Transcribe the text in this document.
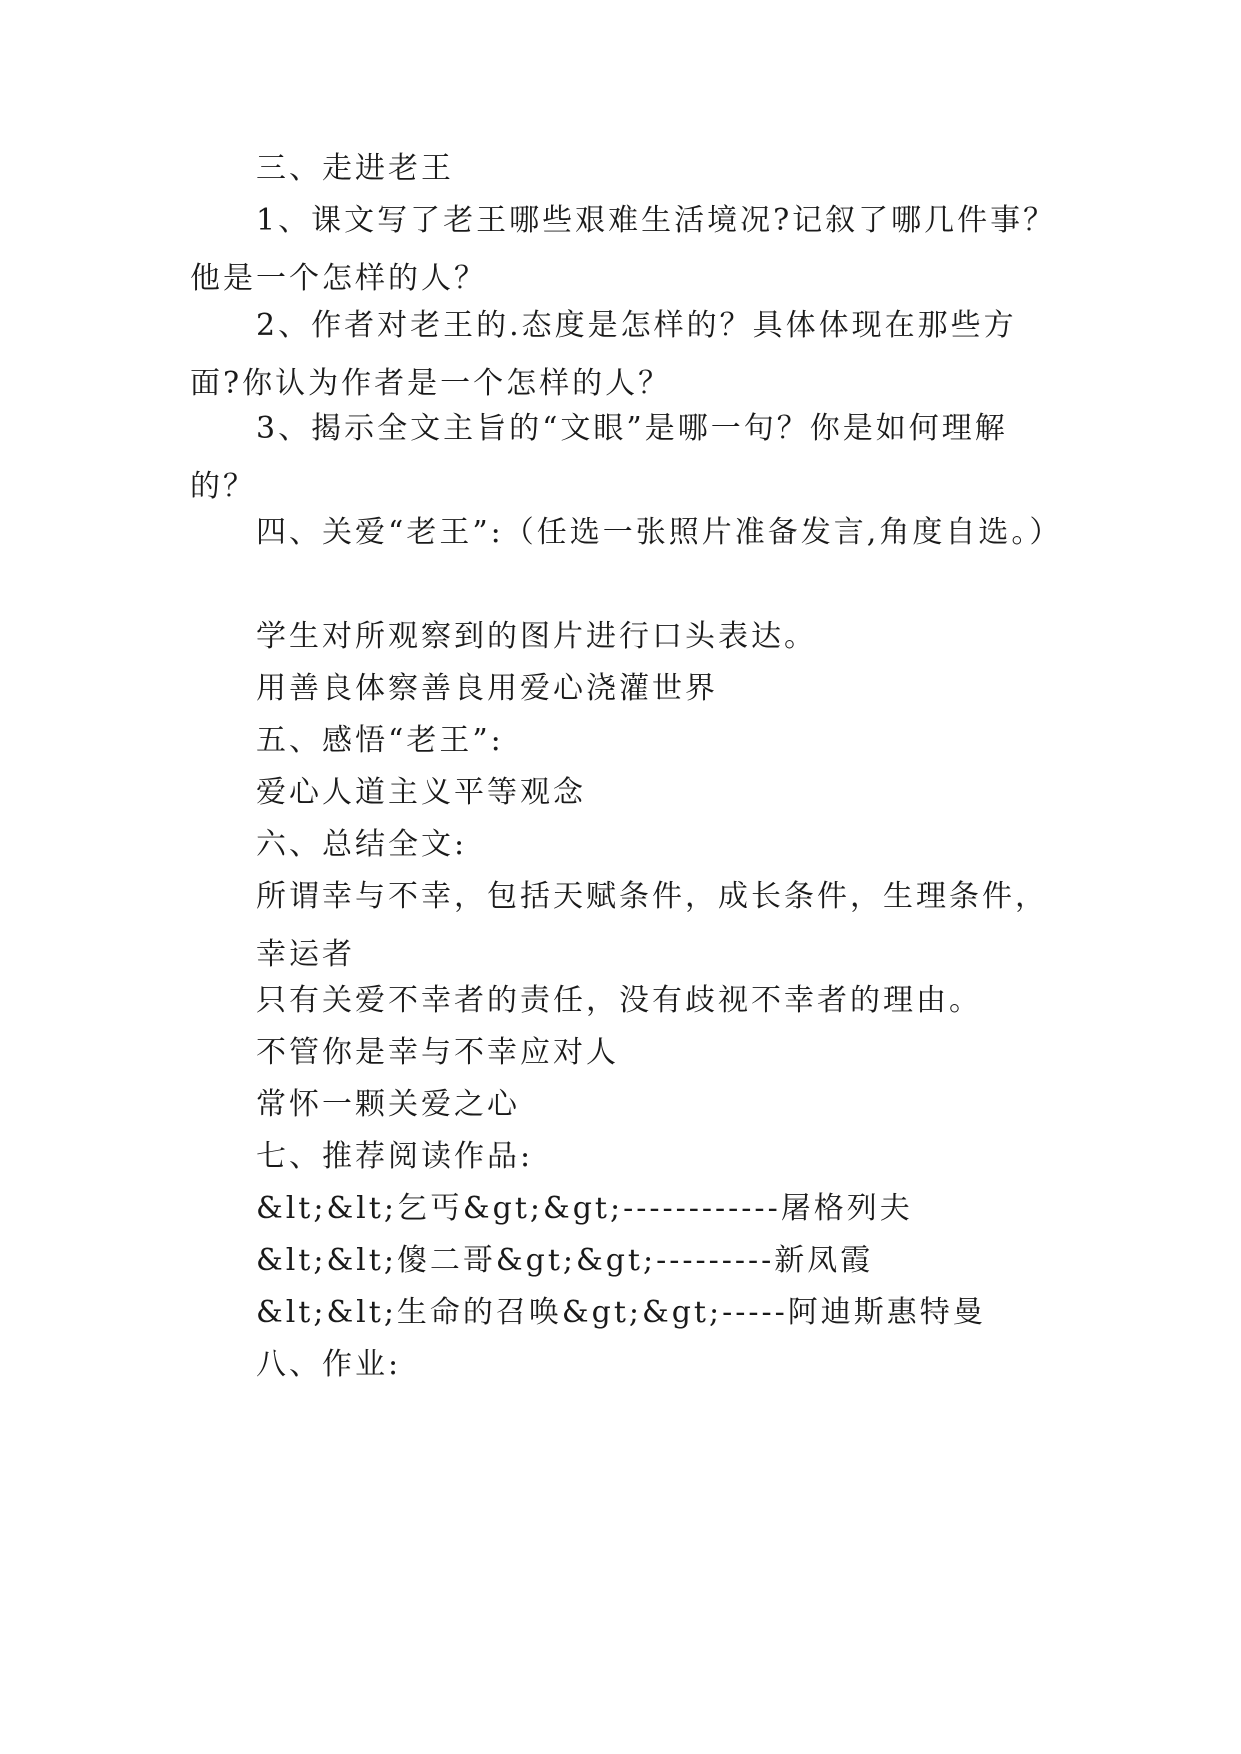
三、走进老王

1、课文写了老王哪些艰难生活境况?记叙了哪几件事？他是一个怎样的人？

2、作者对老王的.态度是怎样的？具体体现在那些方面?你认为作者是一个怎样的人？

3、揭示全文主旨的“文眼”是哪一句？你是如何理解的？

四、关爱“老王”:（任选一张照片准备发言,角度自选。）

学生对所观察到的图片进行口头表达。

用善良体察善良用爱心浇灌世界

五、感悟“老王”:

爱心人道主义平等观念

六、总结全文:

所谓幸与不幸，包括天赋条件，成长条件，生理条件，幸运者

只有关爱不幸者的责任，没有歧视不幸者的理由。

不管你是幸与不幸应对人

常怀一颗关爱之心

七、推荐阅读作品:

&lt;&lt;乞丐&gt;&gt;------------屠格列夫

&lt;&lt;傻二哥&gt;&gt;---------新凤霞

&lt;&lt;生命的召唤&gt;&gt;-----阿迪斯惠特曼

八、作业:
